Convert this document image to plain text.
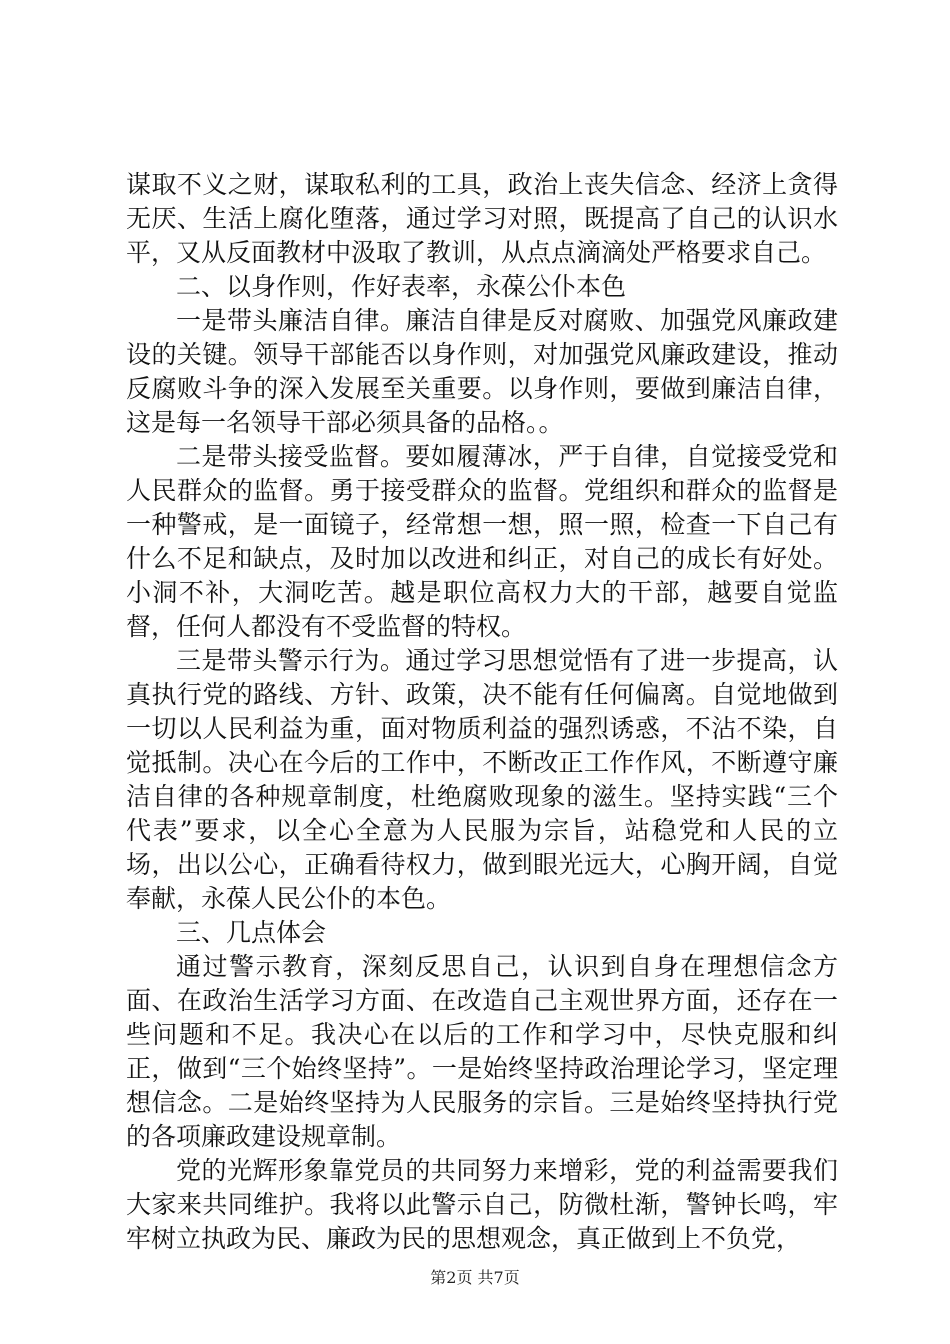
谋取不义之财，谋取私利的工具，政治上丧失信念、经济上贪得无厌、生活上腐化堕落，通过学习对照，既提高了自己的认识水平，又从反面教材中汲取了教训，从点点滴滴处严格要求自己。

二、以身作则，作好表率，永葆公仆本色

一是带头廉洁自律。廉洁自律是反对腐败、加强党风廉政建设的关键。领导干部能否以身作则，对加强党风廉政建设，推动反腐败斗争的深入发展至关重要。以身作则，要做到廉洁自律，这是每一名领导干部必须具备的品格。。

二是带头接受监督。要如履薄冰，严于自律，自觉接受党和人民群众的监督。勇于接受群众的监督。党组织和群众的监督是一种警戒，是一面镜子，经常想一想，照一照，检查一下自己有什么不足和缺点，及时加以改进和纠正，对自己的成长有好处。小洞不补，大洞吃苦。越是职位高权力大的干部，越要自觉监督，任何人都没有不受监督的特权。

三是带头警示行为。通过学习思想觉悟有了进一步提高，认真执行党的路线、方针、政策，决不能有任何偏离。自觉地做到一切以人民利益为重，面对物质利益的强烈诱惑，不沾不染，自觉抵制。决心在今后的工作中，不断改正工作作风，不断遵守廉洁自律的各种规章制度，杜绝腐败现象的滋生。坚持实践“三个代表”要求，以全心全意为人民服为宗旨，站稳党和人民的立场，出以公心，正确看待权力，做到眼光远大，心胸开阔，自觉奉献，永葆人民公仆的本色。

三、几点体会

通过警示教育，深刻反思自己，认识到自身在理想信念方面、在政治生活学习方面、在改造自己主观世界方面，还存在一些问题和不足。我决心在以后的工作和学习中，尽快克服和纠正，做到“三个始终坚持”。一是始终坚持政治理论学习，坚定理想信念。二是始终坚持为人民服务的宗旨。三是始终坚持执行党的各项廉政建设规章制。

党的光辉形象靠党员的共同努力来增彩，党的利益需要我们大家来共同维护。我将以此警示自己，防微杜渐，警钟长鸣，牢牢树立执政为民、廉政为民的思想观念，真正做到上不负党，

第2页 共7页
